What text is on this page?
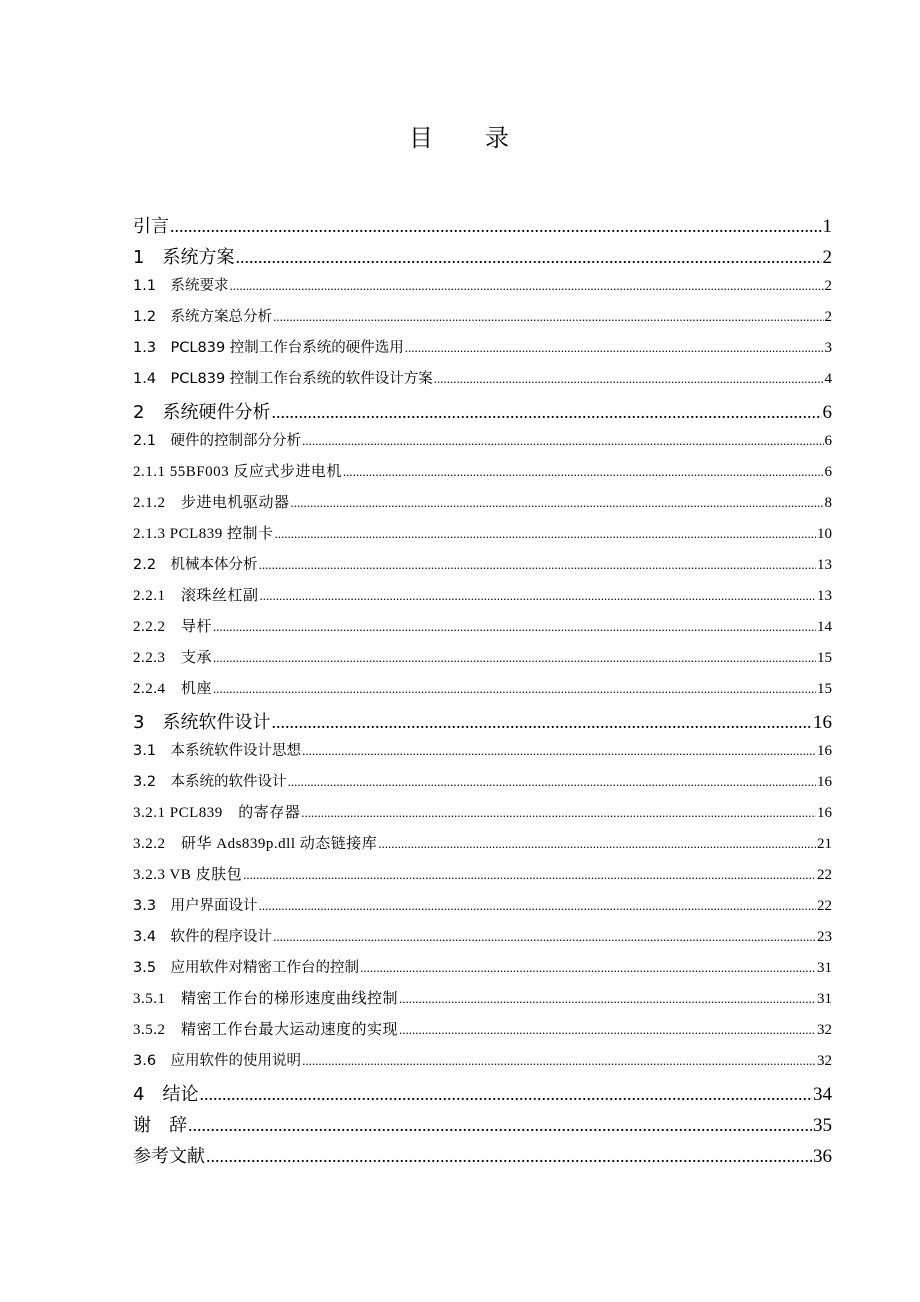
目 录
引言 .....	1
1　系统方案 .....	2
1.1　系统要求 .....	2
1.2　系统方案总分析 .....	2
1.3　PCL839 控制工作台系统的硬件选用 .....	3
1.4　PCL839 控制工作台系统的软件设计方案 .....	4
2　系统硬件分析 .....	6
2.1　硬件的控制部分分析 .....	6
2.1.1 55BF003 反应式步进电机 .....	6
2.1.2　步进电机驱动器 .....	8
2.1.3 PCL839 控制卡 .....	10
2.2　机械本体分析 .....	13
2.2.1　滚珠丝杠副 .....	13
2.2.2　导杆 .....	14
2.2.3　支承 .....	15
2.2.4　机座 .....	15
3　系统软件设计 .....	16
3.1　本系统软件设计思想 .....	16
3.2　本系统的软件设计 .....	16
3.2.1 PCL839　的寄存器 .....	16
3.2.2　研华 Ads839p.dll 动态链接库 .....	21
3.2.3 VB 皮肤包 .....	22
3.3　用户界面设计 .....	22
3.4　软件的程序设计 .....	23
3.5　应用软件对精密工作台的控制 .....	31
3.5.1　精密工作台的梯形速度曲线控制 .....	31
3.5.2　精密工作台最大运动速度的实现 .....	32
3.6　应用软件的使用说明 .....	32
4　结论 .....	34
谢　辞 .....	35
参考文献 .....	36
